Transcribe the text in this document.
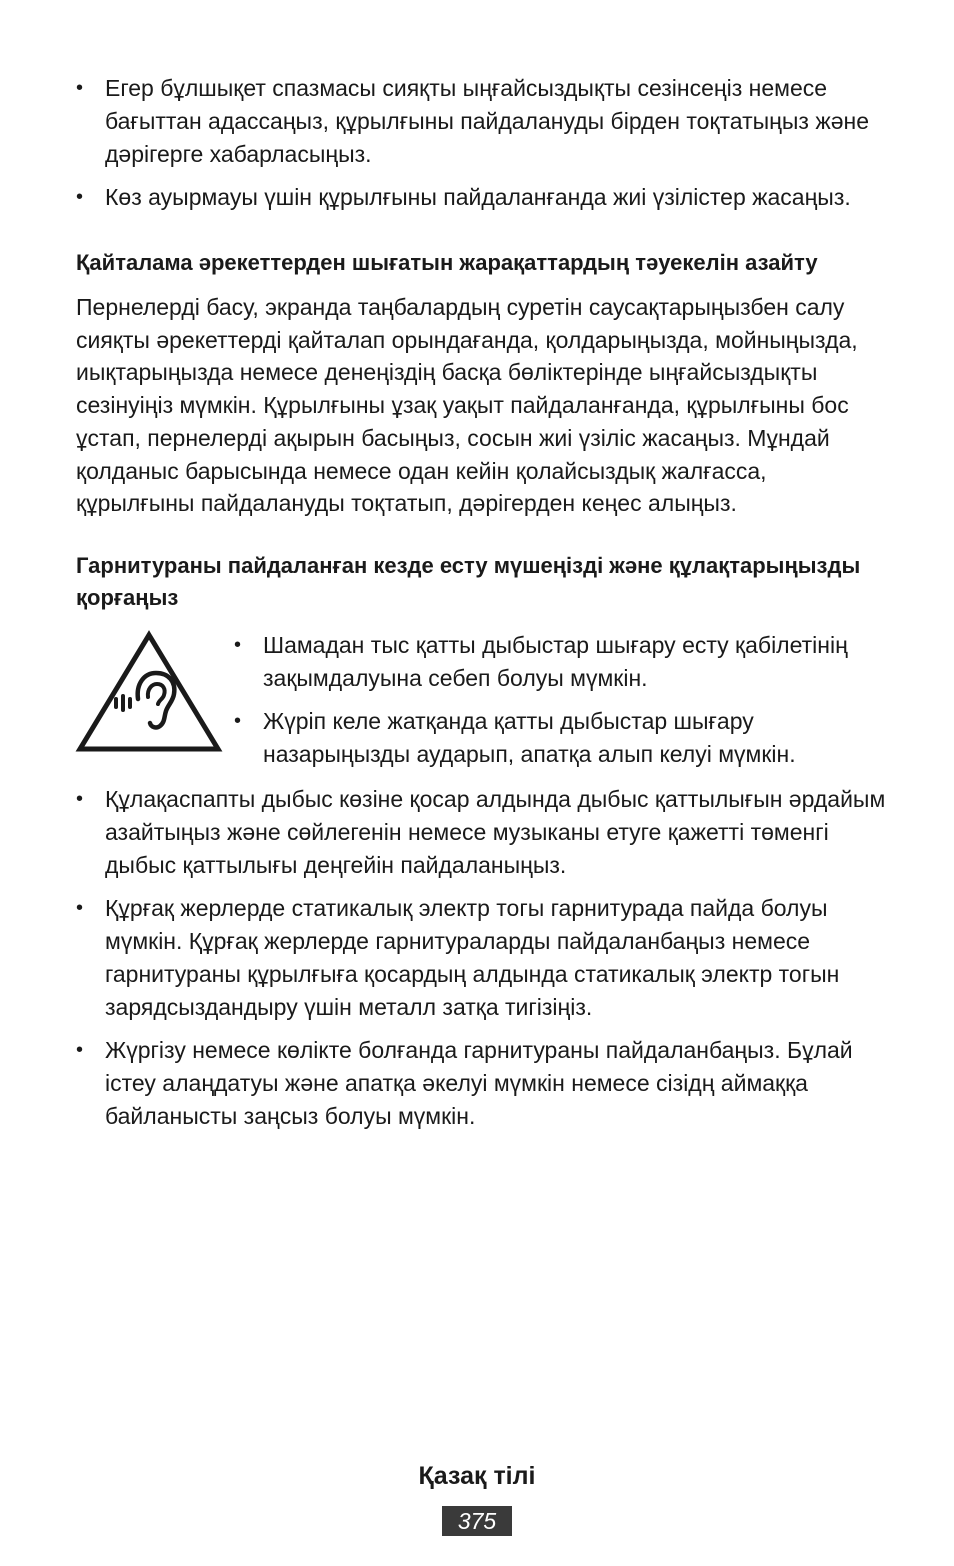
• Егер бұлшықет спазмасы сияқты ыңғайсыздықты сезінсеңіз немесе бағыттан адассаңыз, құрылғыны пайдалануды бірден тоқтатыңыз және дәрігерге хабарласыңыз.

• Көз ауырмауы үшін құрылғыны пайдаланғанда жиі үзілістер жасаңыз.

Қайталама әрекеттерден шығатын жарақаттардың тәуекелін азайту

Пернелерді басу, экранда таңбалардың суретін саусақтарыңызбен салу сияқты әрекеттерді қайталап орындағанда, қолдарыңызда, мойныңызда, иықтарыңызда немесе денеңіздің басқа бөліктерінде ыңғайсыздықты сезінуіңіз мүмкін. Құрылғыны ұзақ уақыт пайдаланғанда, құрылғыны бос ұстап, пернелерді ақырын басыңыз, сосын жиі үзіліс жасаңыз. Мұндай қолданыс барысында немесе одан кейін қолайсыздық жалғасса, құрылғыны пайдалануды тоқтатып, дәрігерден кеңес алыңыз.

Гарнитураны пайдаланған кезде есту мүшеңізді және құлақтарыңызды қорғаңыз

• Шамадан тыс қатты дыбыстар шығару есту қабілетінің зақымдалуына себеп болуы мүмкін.

• Жүріп келе жатқанда қатты дыбыстар шығару назарыңызды аударып, апатқа алып келуі мүмкін.

• Құлақаспапты дыбыс көзіне қосар алдында дыбыс қаттылығын әрдайым азайтыңыз және сөйлегенін немесе музыканы етуге қажетті төменгі дыбыс қаттылығы деңгейін пайдаланыңыз.

• Құрғақ жерлерде статикалық электр тогы гарнитурада пайда болуы мүмкін. Құрғақ жерлерде гарнитураларды пайдаланбаңыз немесе гарнитураны құрылғыға қосардың алдында статикалық электр тогын зарядсыздандыру үшін металл затқа тигізіңіз.

• Жүргізу немесе көлікте болғанда гарнитураны пайдаланбаңыз. Бұлай істеу алаңдатуы және апатқа әкелуі мүмкін немесе сізідң аймаққа байланысты заңсыз болуы мүмкін.

Қазақ тілі
375
